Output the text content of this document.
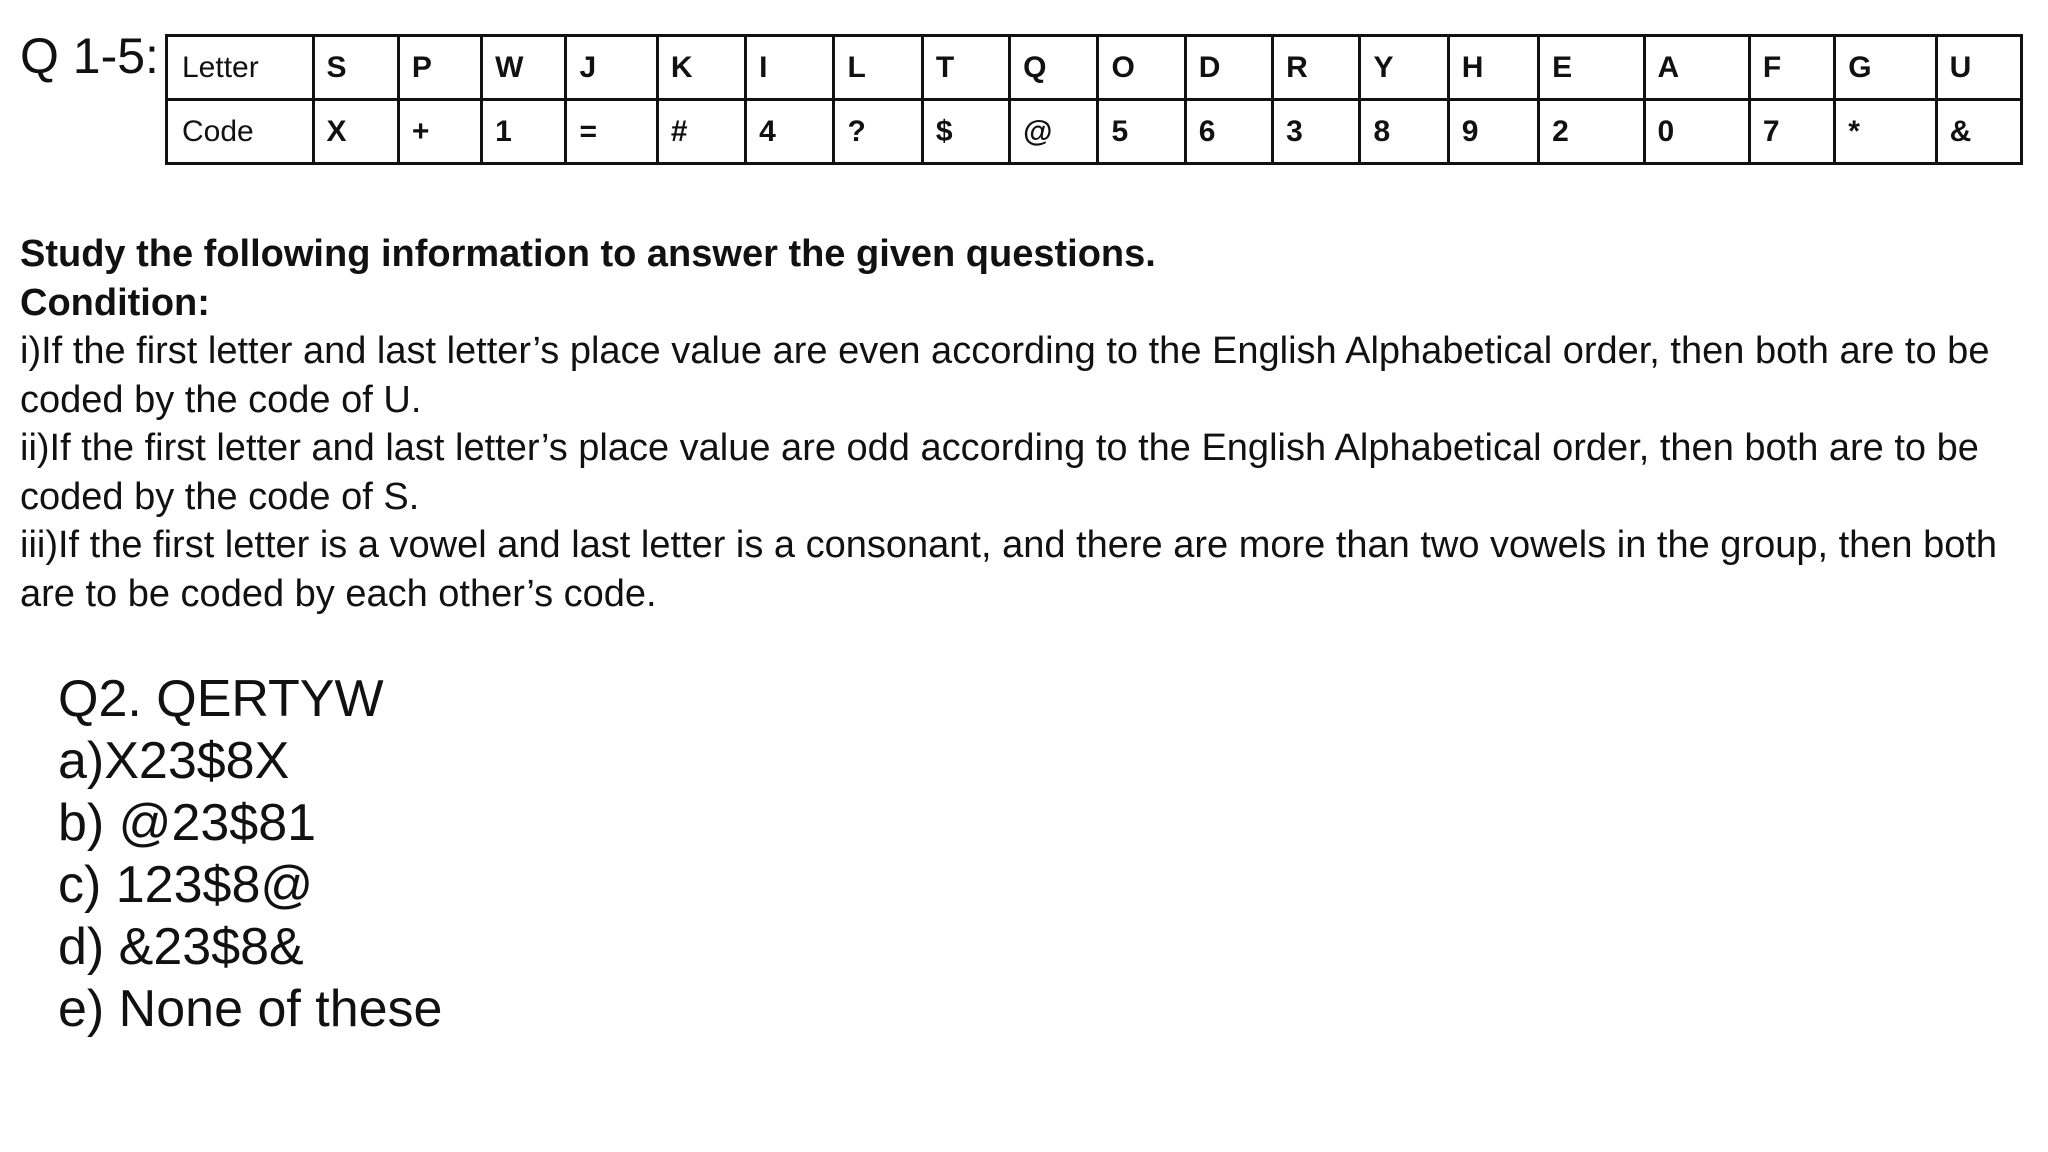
Q 1-5: Letter	S	P	W	J	K	I	L	T	Q	O	D	R	Y	H	E	A	F	G	U
Code	X	+	1	=	#	4	?	$	@	5	6	3	8	9	2	0	7	*	&

Study the following information to answer the given questions.

Condition:

i)If the first letter and last letter’s place value are even according to the English Alphabetical order, then both are to be coded by the code of U.

ii)If the first letter and last letter’s place value are odd according to the English Alphabetical order, then both are to be coded by the code of S.

iii)If the first letter is a vowel and last letter is a consonant, and there are more than two vowels in the group, then both are to be coded by each other’s code.

Q2. QERTYW
a)X23$8X
b) @23$81
c) 123$8@
d) &23$8&
e) None of these
